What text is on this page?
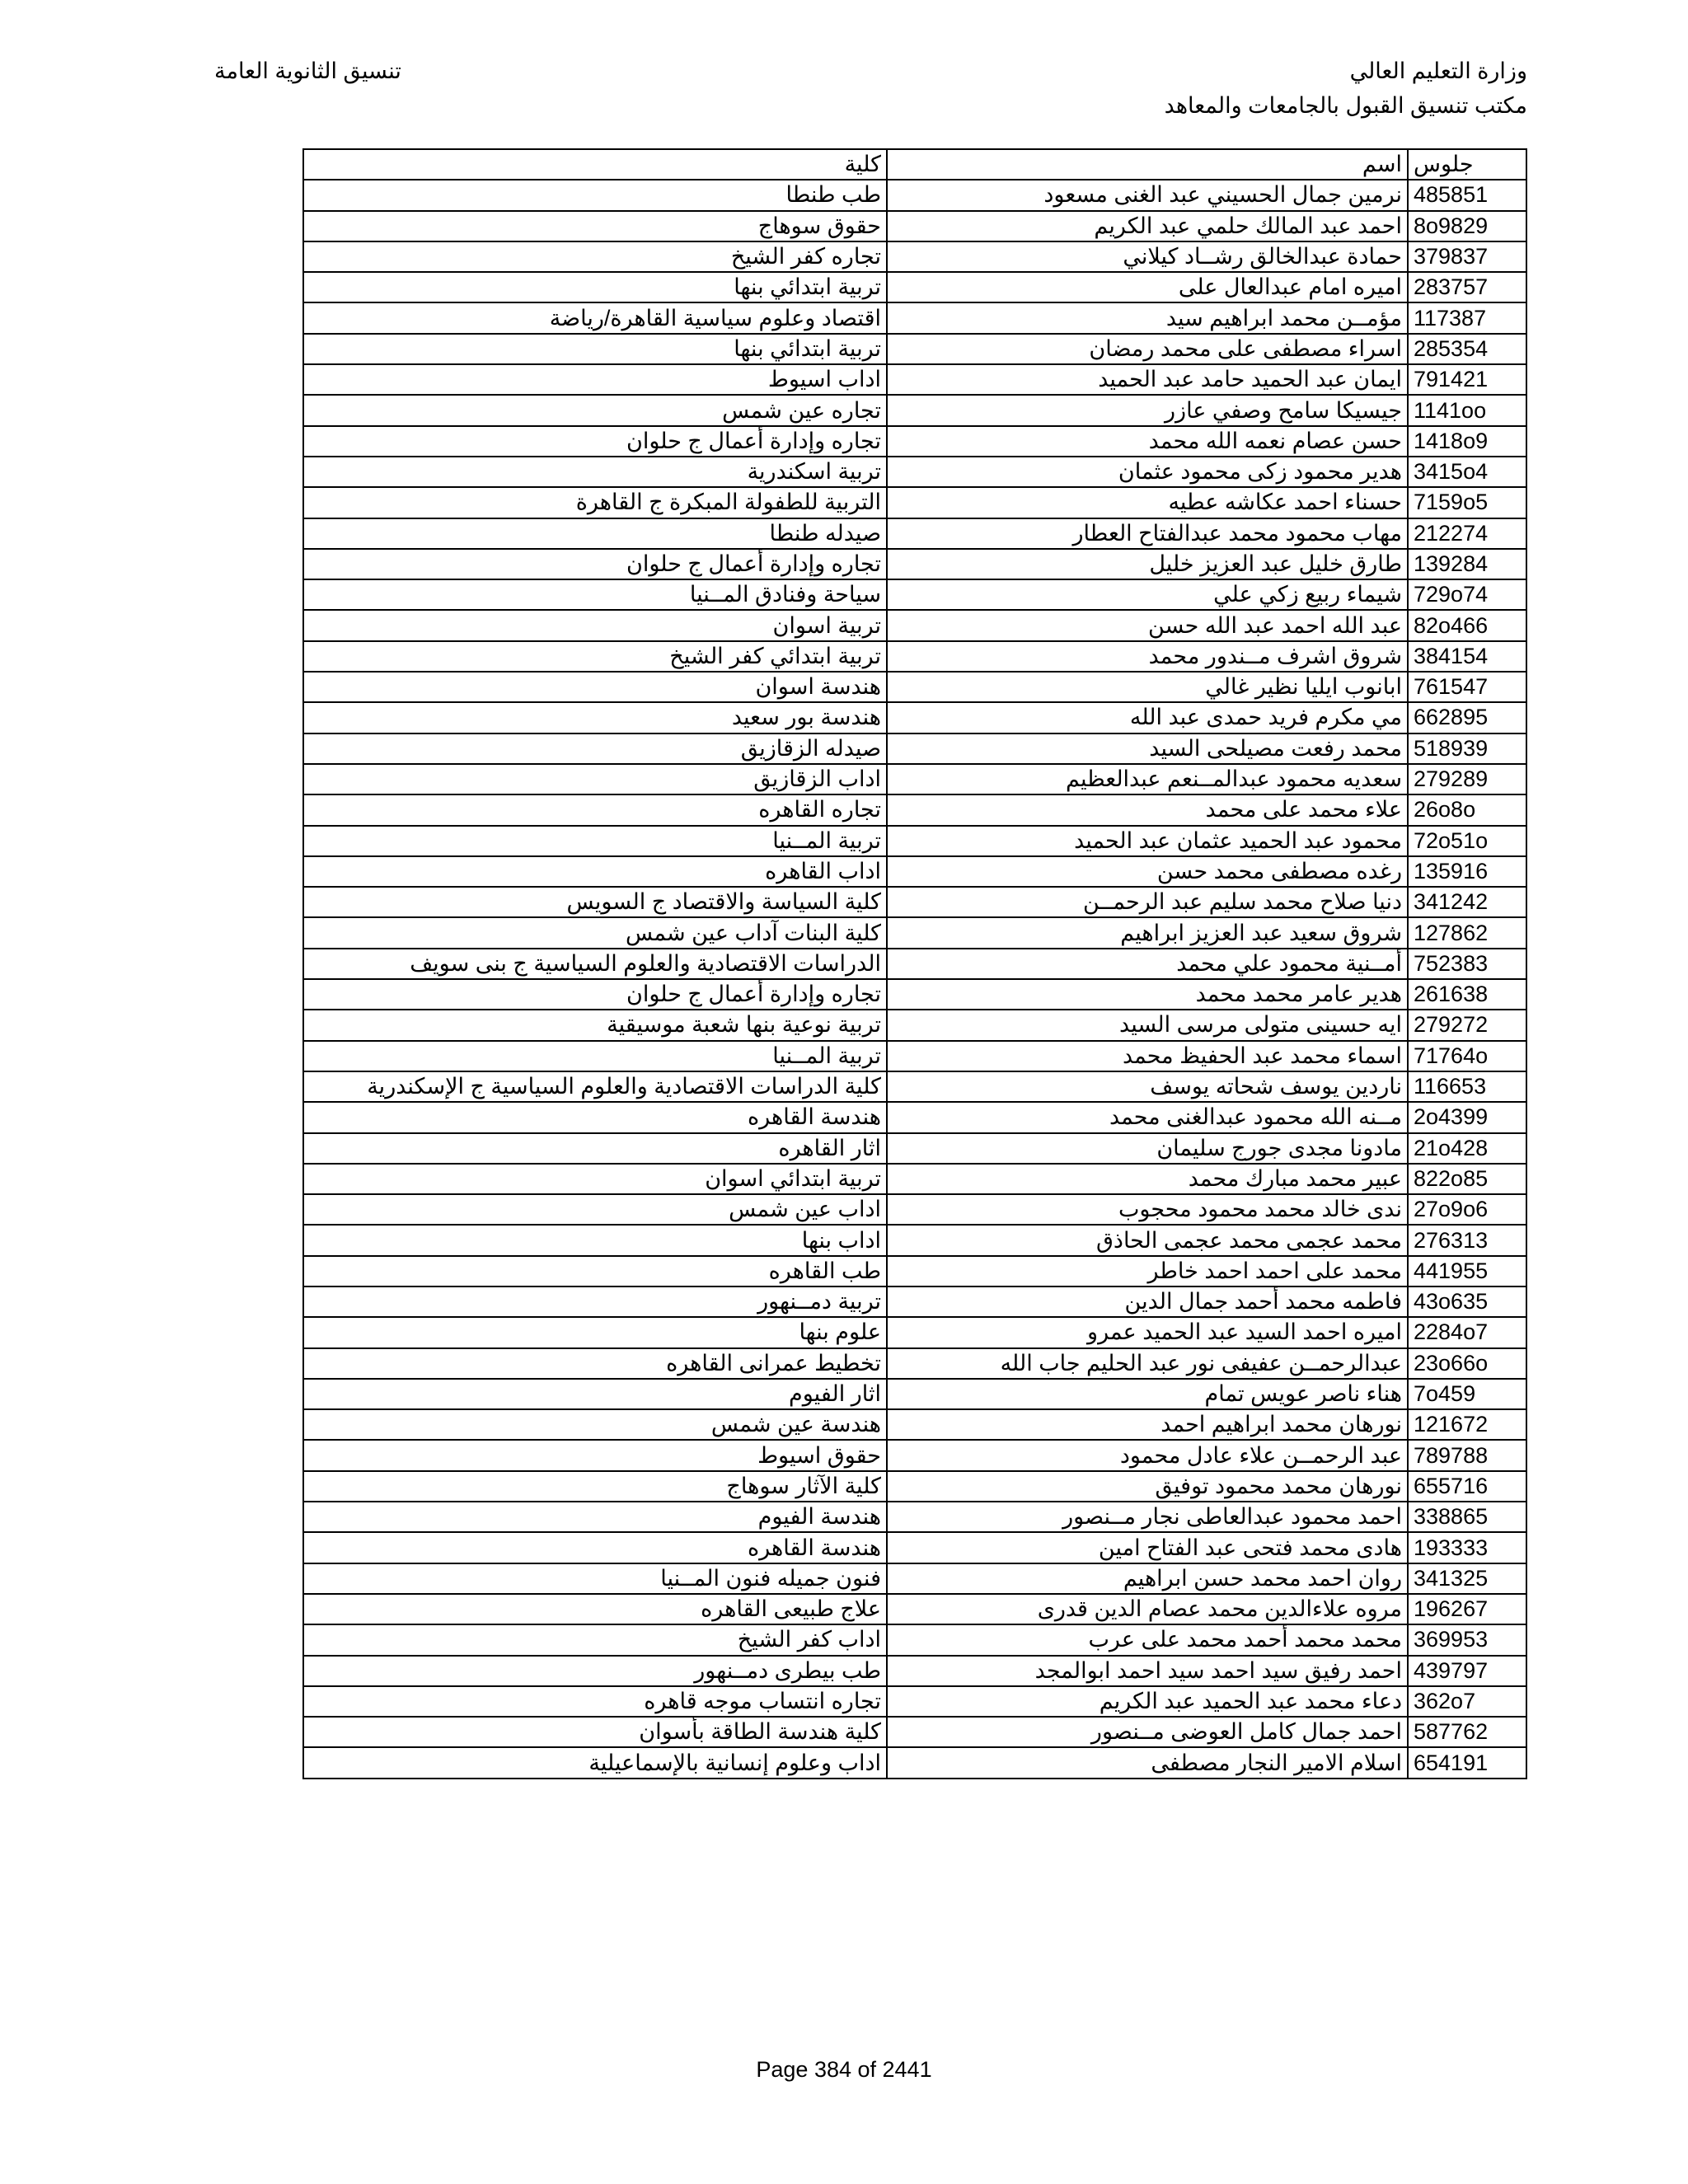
وزارة التعليم العالي
مكتب تنسيق القبول بالجامعات والمعاهد
تنسيق الثانوية العامة
كلية	اسم	جلوس
طب طنطا	نرمين جمال الحسيني عبد الغنى مسعود	485851
حقوق سوهاج	احمد عبد المالك حلمي عبد الكريم	8o9829
تجاره كفر الشيخ	حمادة عبدالخالق رشــاد كيلاني	379837
تربية ابتدائي بنها	اميره امام عبدالعال على	283757
اقتصاد وعلوم سياسية القاهرة/رياضة	مؤمــن محمد ابراهيم سيد	117387
تربية ابتدائي بنها	اسراء مصطفى على محمد رمضان	285354
اداب اسيوط	ايمان عبد الحميد حامد عبد الحميد	791421
تجاره عين شمس	جيسيكا سامح وصفي عازر	1141oo
تجاره وإدارة أعمال ج حلوان	حسن عصام نعمه الله محمد	1418o9
تربية اسكندرية	هدير محمود زكى محمود عثمان	3415o4
التربية للطفولة المبكرة ج القاهرة	حسناء احمد عكاشه عطيه	7159o5
صيدله طنطا	مهاب محمود محمد عبدالفتاح العطار	212274
تجاره وإدارة أعمال ج حلوان	طارق خليل عبد العزيز خليل	139284
سياحة وفنادق المــنيا	شيماء ربيع زكي علي	729o74
تربية اسوان	عبد الله احمد عبد الله حسن	82o466
تربية ابتدائي كفر الشيخ	شروق اشرف مــندور محمد	384154
هندسة اسوان	ابانوب ايليا نظير غالي	761547
هندسة بور سعيد	مي مكرم فريد حمدى عبد الله	662895
صيدله الزقازيق	محمد رفعت مصيلحى السيد	518939
اداب الزقازيق	سعديه محمود عبدالمــنعم عبدالعظيم	279289
تجاره القاهره	علاء محمد على محمد	26o8o
تربية المــنيا	محمود عبد الحميد عثمان عبد الحميد	72o51o
اداب القاهره	رغده مصطفى محمد حسن	135916
كلية السياسة والاقتصاد ج السويس	دنيا صلاح محمد سليم عبد الرحمــن	341242
كلية البنات آداب عين شمس	شروق سعيد عبد العزيز ابراهيم	127862
الدراسات الاقتصادية والعلوم السياسية ج بنى سويف	أمــنية محمود علي محمد	752383
تجاره وإدارة أعمال ج حلوان	هدير عامر محمد محمد	261638
تربية نوعية بنها شعبة موسيقية	ايه حسينى متولى مرسى السيد	279272
تربية المــنيا	اسماء محمد عبد الحفيظ محمد	71764o
كلية الدراسات الاقتصادية والعلوم السياسية ج الإسكندرية	ناردين يوسف شحاته يوسف	116653
هندسة القاهره	مــنه الله محمود عبدالغنى محمد	2o4399
اثار القاهره	مادونا مجدى جورج سليمان	21o428
تربية ابتدائي اسوان	عبير محمد مبارك محمد	822o85
اداب عين شمس	ندى خالد محمد محمود محجوب	27o9o6
اداب بنها	محمد عجمى محمد عجمى الحاذق	276313
طب القاهره	محمد على احمد احمد خاطر	441955
تربية دمــنهور	فاطمه محمد أحمد جمال الدين	43o635
علوم بنها	اميره احمد السيد عبد الحميد عمرو	2284o7
تخطيط عمرانى القاهره	عبدالرحمــن عفيفى نور عبد الحليم جاب الله	23o66o
اثار الفيوم	هناء ناصر عويس تمام	7o459
هندسة عين شمس	نورهان محمد ابراهيم احمد	121672
حقوق اسيوط	عبد الرحمــن علاء عادل محمود	789788
كلية الآثار سوهاج	نورهان محمد محمود توفيق	655716
هندسة الفيوم	احمد محمود عبدالعاطى نجار مــنصور	338865
هندسة القاهره	هادى محمد فتحى عبد الفتاح امين	193333
فنون جميله فنون المــنيا	روان احمد محمد حسن ابراهيم	341325
علاج طبيعى القاهره	مروه علاءالدين محمد عصام الدين قدرى	196267
اداب كفر الشيخ	محمد محمد أحمد محمد على عرب	369953
طب بيطرى دمــنهور	احمد رفيق سيد احمد سيد احمد ابوالمجد	439797
تجاره انتساب موجه قاهره	دعاء محمد عبد الحميد عبد الكريم	362o7
كلية هندسة الطاقة بأسوان	احمد جمال كامل العوضى مــنصور	587762
اداب وعلوم إنسانية بالإسماعيلية	اسلام الامير النجار مصطفى	654191
Page 384 of 2441
